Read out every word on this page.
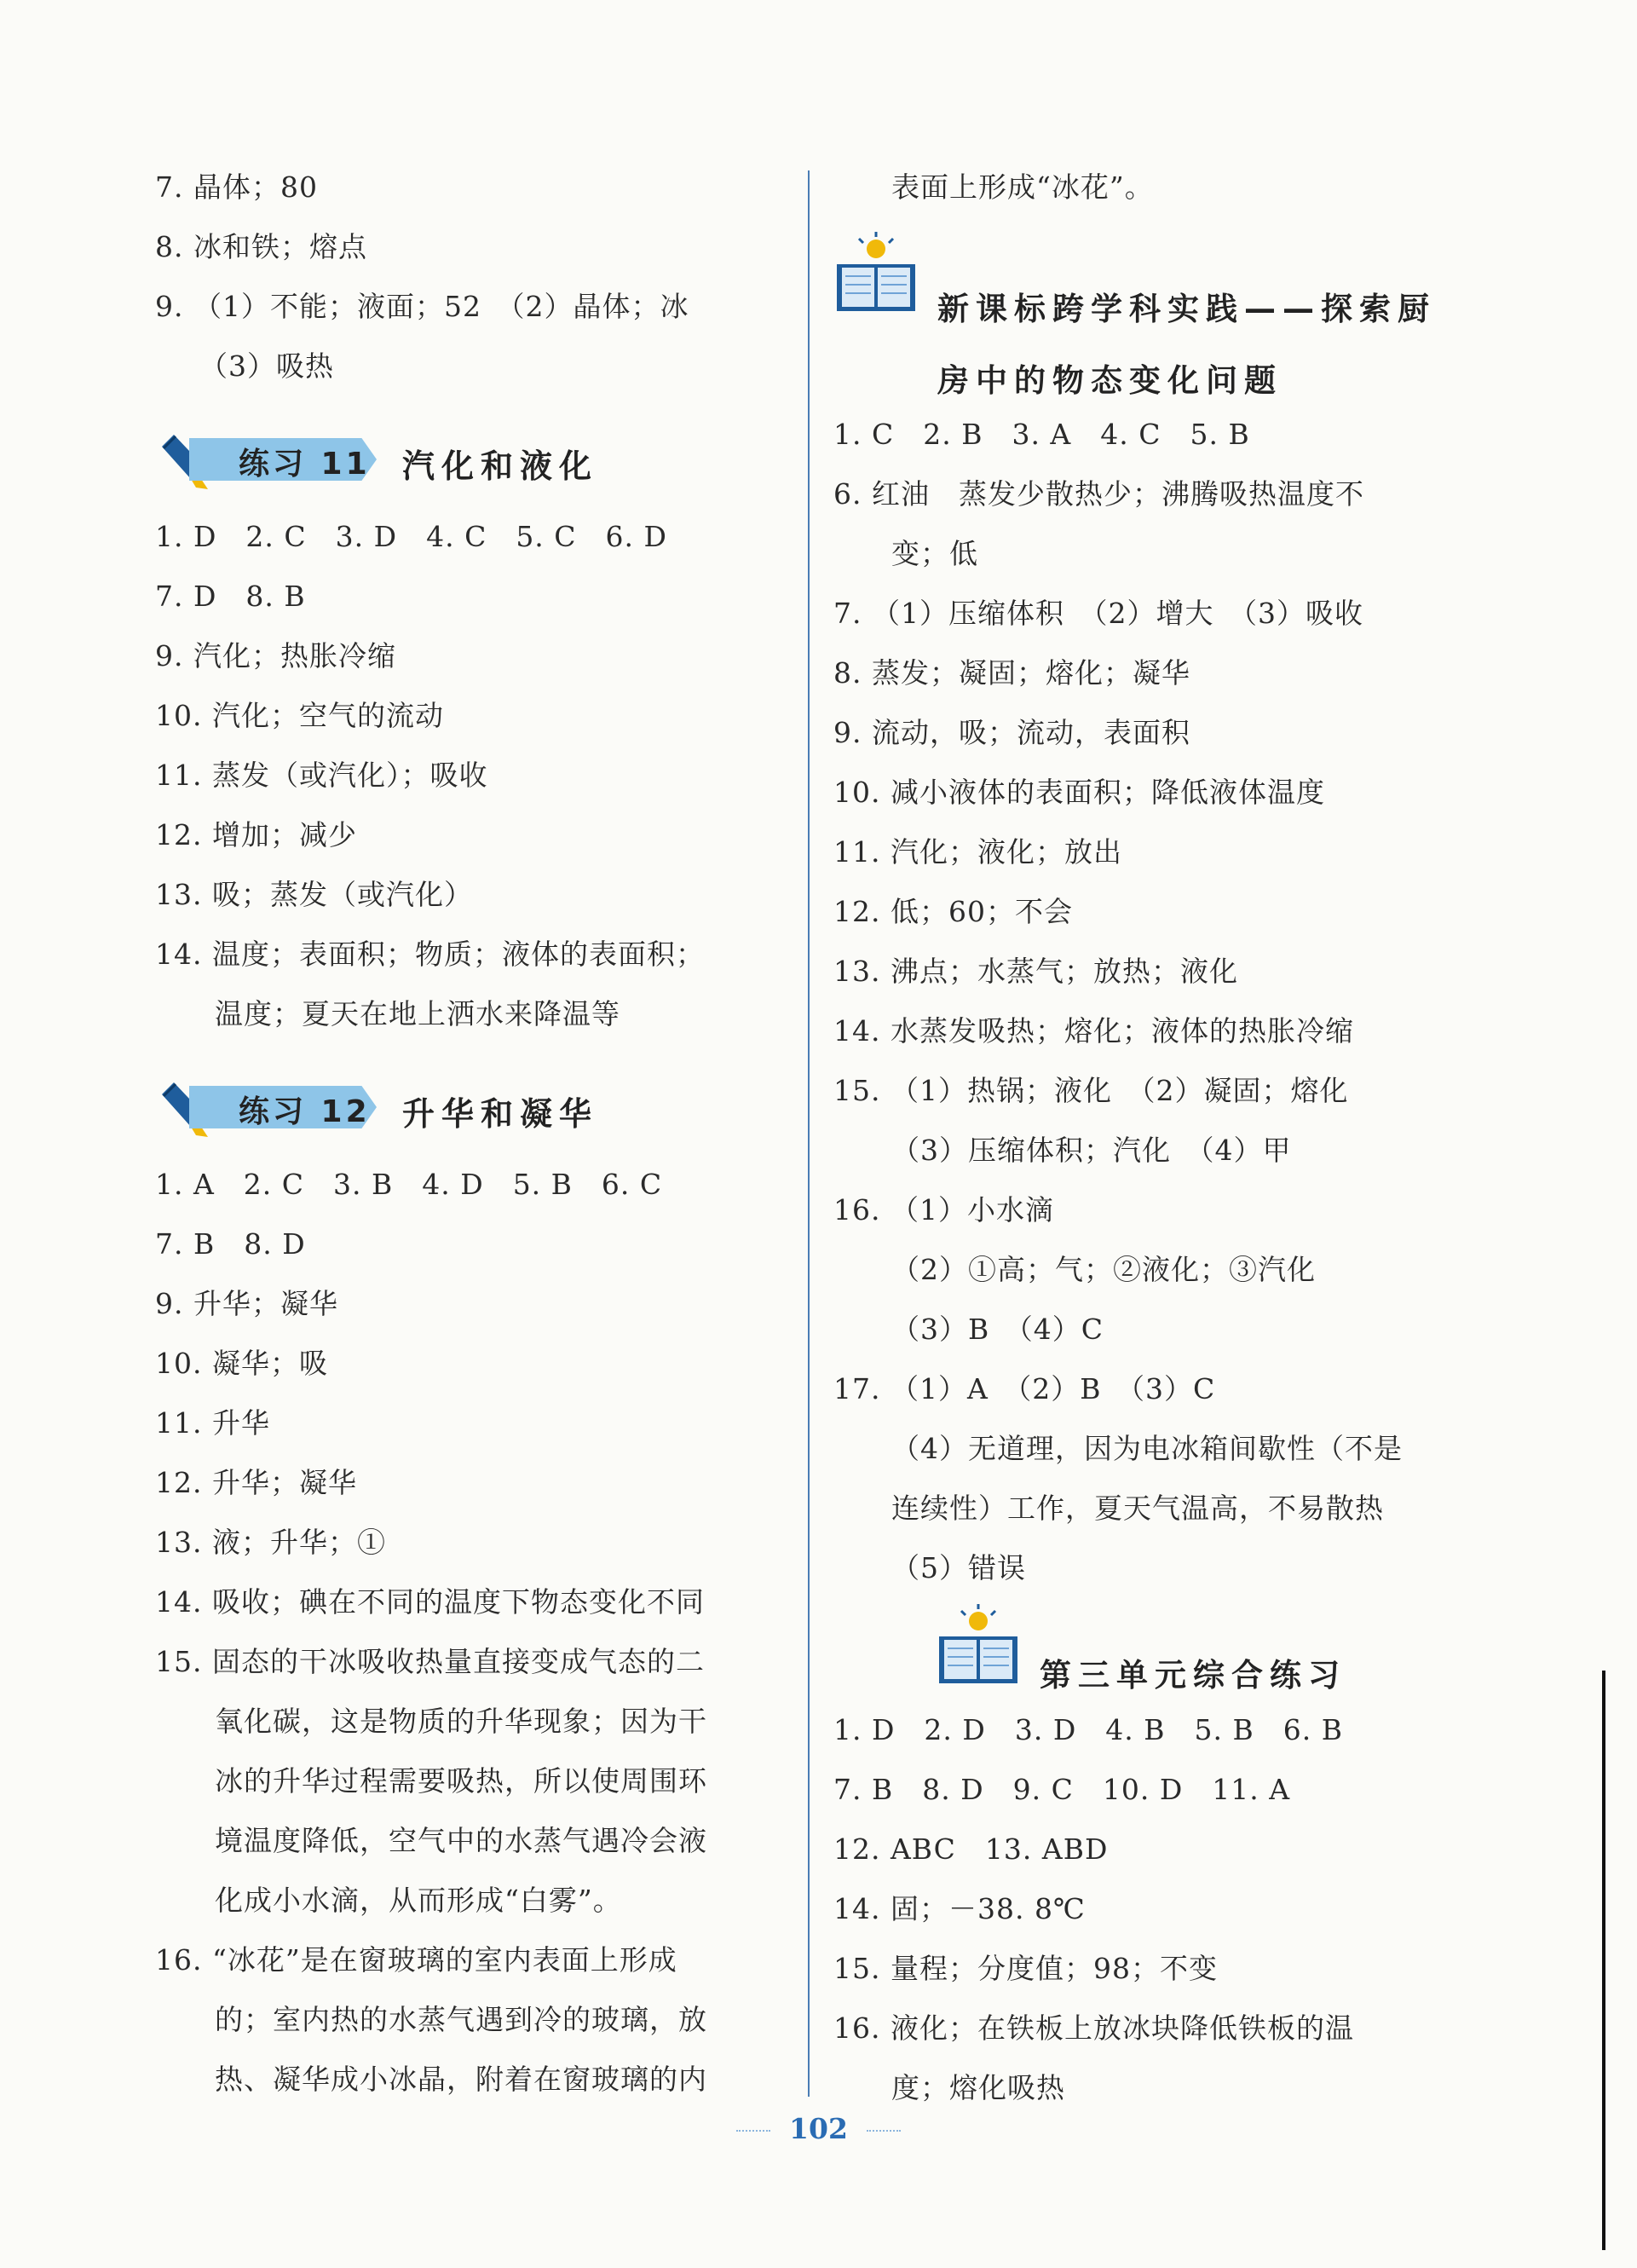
7. 晶体；80
8. 冰和铁；熔点
9. （1）不能；液面；52　（2）晶体；冰
（3）吸热
练习 11 汽化和液化
1. D　2. C　3. D　4. C　5. C　6. D
7. D　8. B
9. 汽化；热胀冷缩
10. 汽化；空气的流动
11. 蒸发（或汽化）；吸收
12. 增加；减少
13. 吸；蒸发（或汽化）
14. 温度；表面积；物质；液体的表面积；
温度；夏天在地上洒水来降温等
练习 12 升华和凝华
1. A　2. C　3. B　4. D　5. B　6. C
7. B　8. D
9. 升华；凝华
10. 凝华；吸
11. 升华
12. 升华；凝华
13. 液；升华；①
14. 吸收；碘在不同的温度下物态变化不同
15. 固态的干冰吸收热量直接变成气态的二
氧化碳，这是物质的升华现象；因为干
冰的升华过程需要吸热，所以使周围环
境温度降低，空气中的水蒸气遇冷会液
化成小水滴，从而形成“白雾”。
16. “冰花”是在窗玻璃的室内表面上形成
的；室内热的水蒸气遇到冷的玻璃，放
热、凝华成小冰晶，附着在窗玻璃的内
表面上形成“冰花”。
新课标跨学科实践——探索厨
房中的物态变化问题
1. C　2. B　3. A　4. C　5. B
6. 红油　蒸发少散热少；沸腾吸热温度不
变；低
7. （1）压缩体积　（2）增大　（3）吸收
8. 蒸发；凝固；熔化；凝华
9. 流动，吸；流动，表面积
10. 减小液体的表面积；降低液体温度
11. 汽化；液化；放出
12. 低；60；不会
13. 沸点；水蒸气；放热；液化
14. 水蒸发吸热；熔化；液体的热胀冷缩
15. （1）热锅；液化　（2）凝固；熔化
（3）压缩体积；汽化　（4）甲
16. （1）小水滴
（2）①高；气；②液化；③汽化
（3）B　（4）C
17. （1）A　（2）B　（3）C
（4）无道理，因为电冰箱间歇性（不是
连续性）工作，夏天气温高，不易散热
（5）错误
第三单元综合练习
1. D　2. D　3. D　4. B　5. B　6. B
7. B　8. D　9. C　10. D　11. A
12. ABC　13. ABD
14. 固；－38. 8℃
15. 量程；分度值；98；不变
16. 液化；在铁板上放冰块降低铁板的温
度；熔化吸热
102
